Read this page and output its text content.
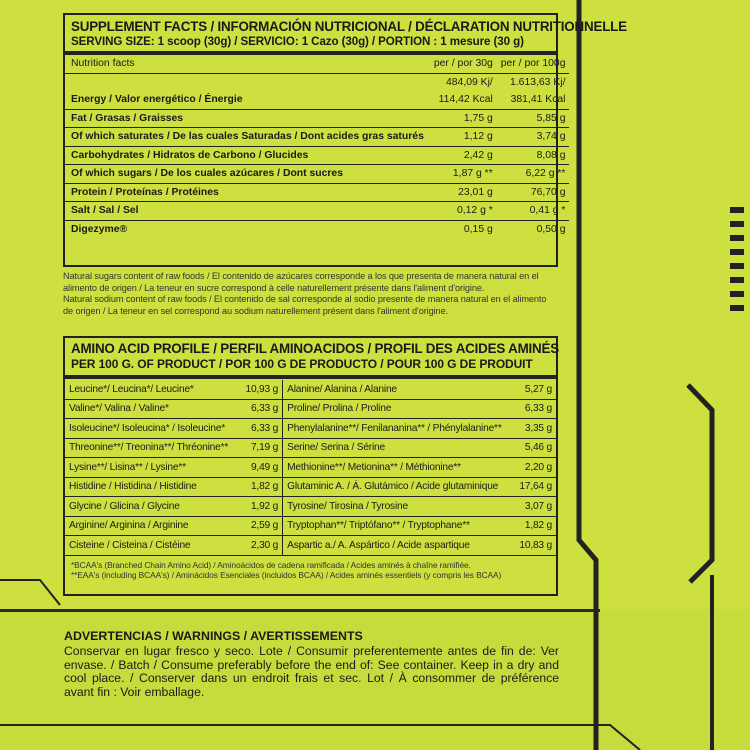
SUPPLEMENT FACTS / INFORMACIÓN NUTRICIONAL / DÉCLARATION NUTRITIONNELLE
SERVING SIZE: 1 scoop (30g) / SERVICIO: 1 Cazo (30g) / PORTION : 1 mesure (30 g)
Nutrition facts	per / por 30g	per / por 100g
	484,09 Kj/	1.613,63 Kj/
Energy / Valor energético / Énergie	114,42 Kcal	381,41 Kcal
Fat / Grasas / Graisses	1,75 g	5,85 g
Of which saturates / De las cuales Saturadas / Dont acides gras saturés	1,12 g	3,74 g
Carbohydrates / Hidratos de Carbono / Glucides	2,42 g	8,08 g
Of which sugars / De los cuales azúcares / Dont sucres	1,87 g **	6,22 g **
Protein / Proteínas / Protéines	23,01 g	76,70 g
Salt / Sal / Sel	0,12 g *	0,41 g *
Digezyme®	0,15 g	0,50 g
Natural sugars content of raw foods / El contenido de azúcares corresponde a los que presenta de manera natural en el alimento de origen / La teneur en sucre correspond à celle naturellement présente dans l'aliment d'origine.
Natural sodium content of raw foods / El contenido de sal corresponde al sodio presente de manera natural en el alimento de origen / La teneur en sel correspond au sodium naturellement présent dans l'aliment d'origine.
AMINO ACID PROFILE / PERFIL AMINOACIDOS / PROFIL DES ACIDES AMINÉS
PER 100 G. OF PRODUCT / POR 100 G DE PRODUCTO / POUR 100 G DE PRODUIT
Leucine*/ Leucina*/ Leucine*	10,93 g	Alanine/ Alanina / Alanine	5,27 g
Valine*/ Valina / Valine*	6,33 g	Proline/ Prolina / Proline	6,33 g
Isoleucine*/ Isoleucina* / Isoleucine*	6,33 g	Phenylalanine**/ Fenilananina** / Phénylalanine**	3,35 g
Threonine**/ Treonina**/ Thréonine**	7,19 g	Serine/ Serina / Sérine	5,46 g
Lysine**/ Lisina** / Lysine**	9,49 g	Methionine**/ Metionina** / Méthionine**	2,20 g
Histidine / Histidina / Histidine	1,82 g	Glutaminic A. / Á. Glutámico / Acide glutaminique	17,64 g
Glycine / Glicina / Glycine	1,92 g	Tyrosine/ Tirosina / Tyrosine	3,07 g
Arginine/ Arginina / Arginine	2,59 g	Tryptophan**/ Triptófano** / Tryptophane**	1,82 g
Cisteine / Cisteina / Cistéine	2,30 g	Aspartic a./ A. Aspártico / Acide aspartique	10,83 g
*BCAA's (Branched Chain Amino Acid) / Aminoácidos de cadena ramificada / Acides aminés à chaîne ramifiée.
**EAA's (including BCAA's) / Aminácidos Esenciales (incluidos BCAA) / Acides aminés essentiels (y compris les BCAA)
ADVERTENCIAS / WARNINGS / AVERTISSEMENTS
Conservar en lugar fresco y seco. Lote / Consumir preferentemente antes de fin de: Ver envase. / Batch / Consume preferably before the end of: See container. Keep in a dry and cool place. / Conserver dans un endroit frais et sec. Lot / À consommer de préférence avant fin : Voir emballage.
